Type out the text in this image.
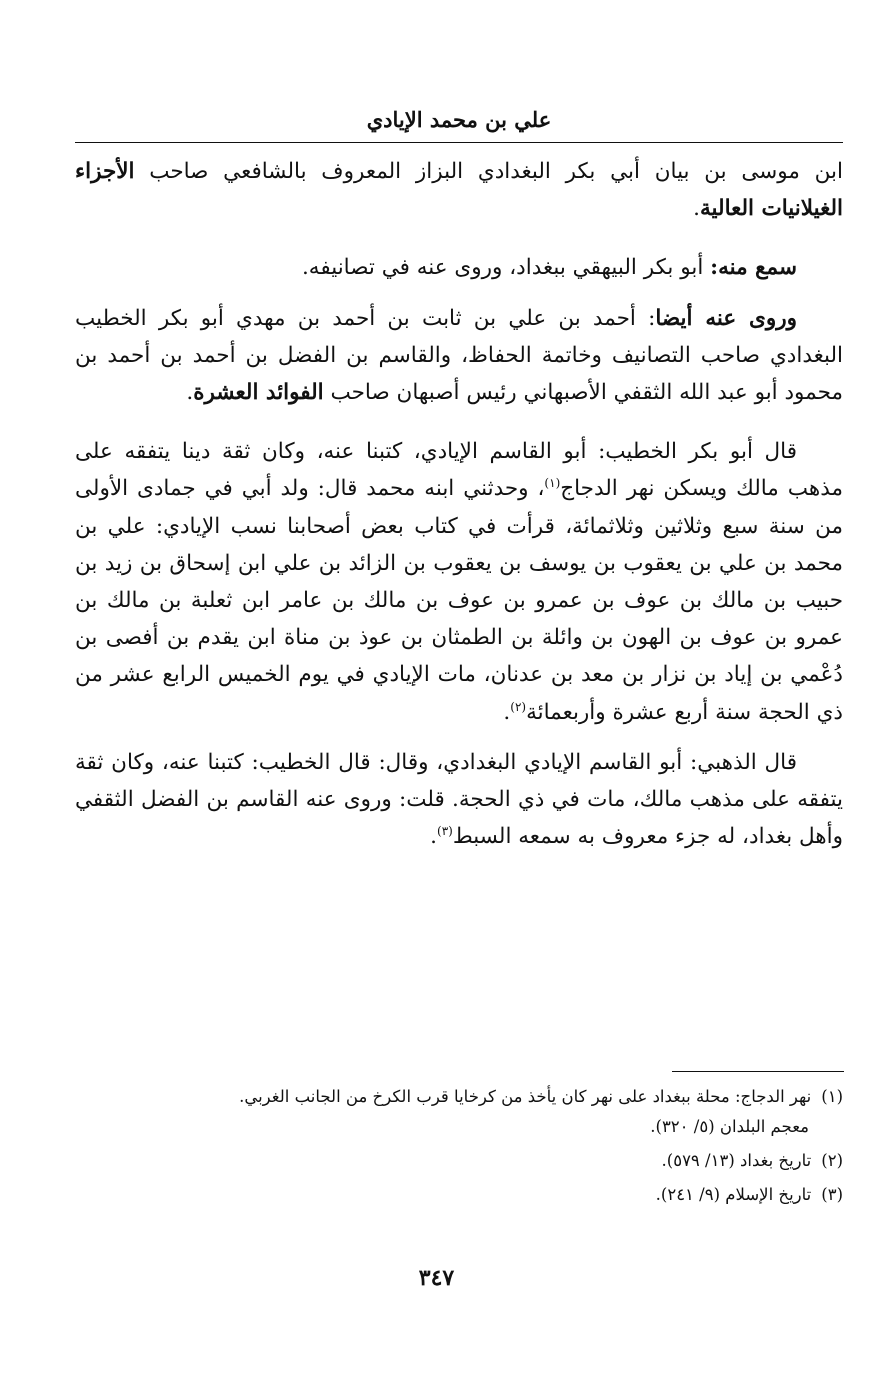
علي بن محمد الإيادي

ابن موسى بن بيان أبي بكر البغدادي البزاز المعروف بالشافعي صاحب الأجزاء الغيلانيات العالية.

سمع منه: أبو بكر البيهقي ببغداد، وروى عنه في تصانيفه.

وروى عنه أيضا: أحمد بن علي بن ثابت بن أحمد بن مهدي أبو بكر الخطيب البغدادي صاحب التصانيف وخاتمة الحفاظ، والقاسم بن الفضل بن أحمد بن أحمد بن محمود أبو عبد الله الثقفي الأصبهاني رئيس أصبهان صاحب الفوائد العشرة.

قال أبو بكر الخطيب: أبو القاسم الإيادي، كتبنا عنه، وكان ثقة دينا يتفقه على مذهب مالك ويسكن نهر الدجاج$^{(١)}$، وحدثني ابنه محمد قال: ولد أبي في جمادى الأولى من سنة سبع وثلاثين وثلاثمائة، قرأت في كتاب بعض أصحابنا نسب الإيادي: علي بن محمد بن علي بن يعقوب بن يوسف بن يعقوب بن الزائد بن علي ابن إسحاق بن زيد بن حبيب بن مالك بن عوف بن عمرو بن عوف بن مالك بن عامر ابن ثعلبة بن مالك بن عمرو بن عوف بن الهون بن وائلة بن الطمثان بن عوذ بن مناة ابن يقدم بن أفصى بن دُعْمي بن إياد بن نزار بن معد بن عدنان، مات الإيادي في يوم الخميس الرابع عشر من ذي الحجة سنة أربع عشرة وأربعمائة$^{(٢)}$.

قال الذهبي: أبو القاسم الإيادي البغدادي، وقال: قال الخطيب: كتبنا عنه، وكان ثقة يتفقه على مذهب مالك، مات في ذي الحجة. قلت: وروى عنه القاسم بن الفضل الثقفي وأهل بغداد، له جزء معروف به سمعه السبط$^{(٣)}$.

(١)نهر الدجاج: محلة ببغداد على نهر كان يأخذ من كرخايا قرب الكرخ من الجانب الغربي.
معجم البلدان (٥/ ٣٢٠).
(٢)تاريخ بغداد (١٣/ ٥٧٩).
(٣)تاريخ الإسلام (٩/ ٢٤١).
٣٤٧
